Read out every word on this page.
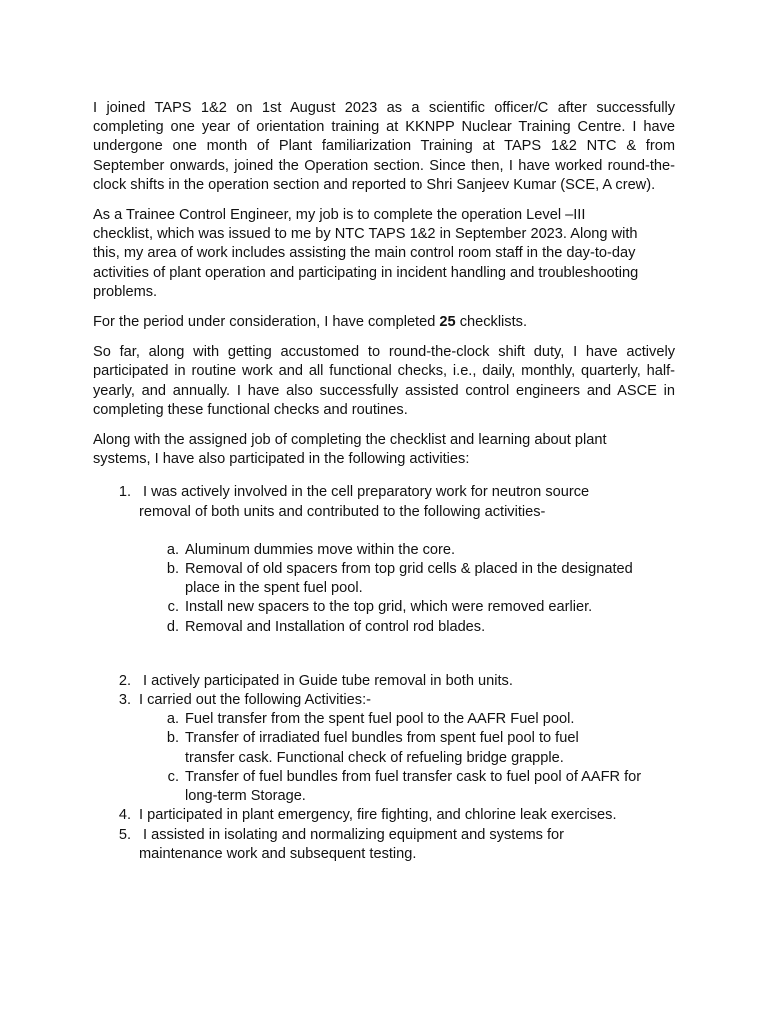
I joined TAPS 1&2 on 1st August 2023 as a scientific officer/C after successfully completing one year of orientation training at KKNPP Nuclear Training Centre. I have undergone one month of Plant familiarization Training at TAPS 1&2 NTC & from September onwards, joined the Operation section. Since then, I have worked round-the-clock shifts in the operation section and reported to Shri Sanjeev Kumar (SCE, A crew).

As a Trainee Control Engineer, my job is to complete the operation Level –III
checklist, which was issued to me by NTC TAPS 1&2 in September 2023. Along with
this, my area of work includes assisting the main control room staff in the day-to-day
activities of plant operation and participating in incident handling and troubleshooting
problems.

For the period under consideration, I have completed 25 checklists.

So far, along with getting accustomed to round-the-clock shift duty, I have actively participated in routine work and all functional checks, i.e., daily, monthly, quarterly, half-yearly, and annually. I have also successfully assisted control engineers and ASCE in completing these functional checks and routines.

Along with the assigned job of completing the checklist and learning about plant
systems, I have also participated in the following activities:

1. I was actively involved in the cell preparatory work for neutron source
removal of both units and contributed to the following activities-
a. Aluminum dummies move within the core.
b. Removal of old spacers from top grid cells & placed in the designated
place in the spent fuel pool.
c. Install new spacers to the top grid, which were removed earlier.
d. Removal and Installation of control rod blades.
2. I actively participated in Guide tube removal in both units.
3. I carried out the following Activities:-
a. Fuel transfer from the spent fuel pool to the AAFR Fuel pool.
b. Transfer of irradiated fuel bundles from spent fuel pool to fuel
transfer cask. Functional check of refueling bridge grapple.
c. Transfer of fuel bundles from fuel transfer cask to fuel pool of AAFR for
long-term Storage.
4. I participated in plant emergency, fire fighting, and chlorine leak exercises.
5. I assisted in isolating and normalizing equipment and systems for
maintenance work and subsequent testing.
